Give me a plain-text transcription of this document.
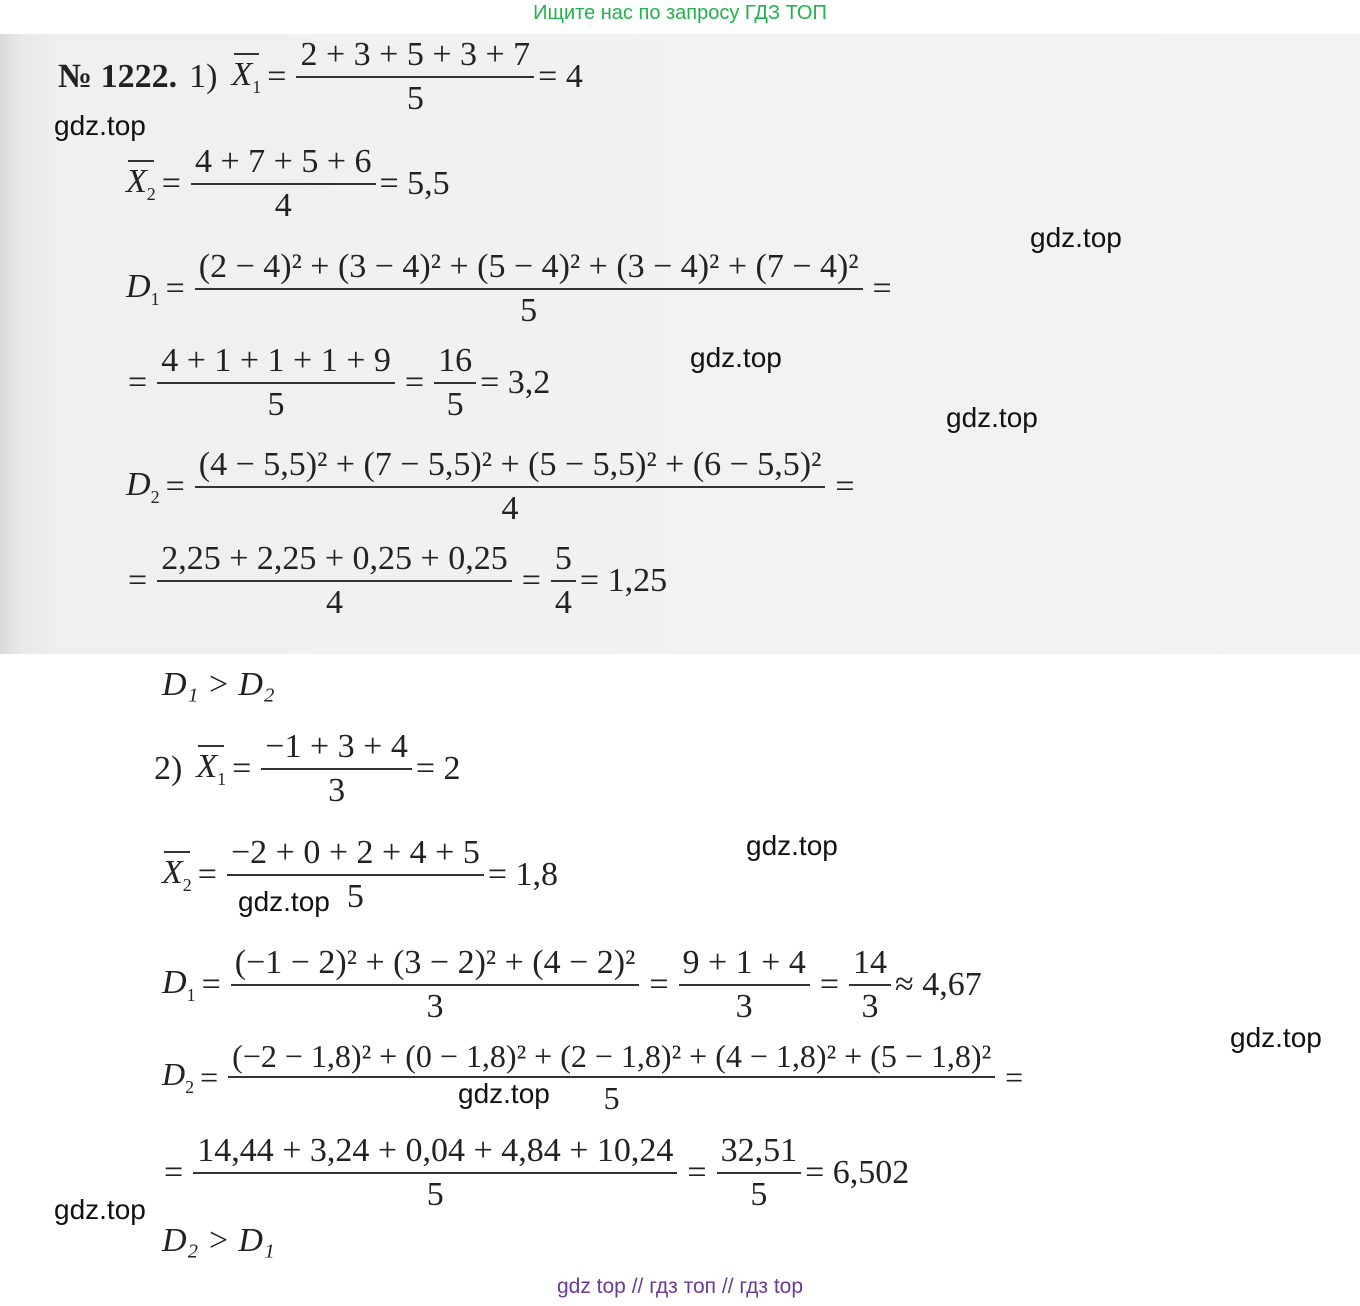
Ищите нас по запросу ГДЗ ТОП
№ 1222. 1) $X_1 = \frac{2 + 3 + 5 + 3 + 7}{5} = 4$
$X_2 = \frac{4 + 7 + 5 + 6}{4} = 5,5$
$D_1 = \frac{\text{(2 − 4)² + (3 − 4)² + (5 − 4)² + (3 − 4)² + (7 − 4)²}}{5}$ =
= $\frac{4 + 1 + 1 + 1 + 9}{5} = \frac{16}{5} = 3,2$
$D_2 = \frac{\text{(4 − 5,5)² + (7 − 5,5)² + (5 − 5,5)² + (6 − 5,5)²}}{4}$ =
= $\frac{2,25 + 2,25 + 0,25 + 0,25}{4} = \frac{5}{4} = 1,25$
D₁ > D₂
2) $X_1 = \frac{-1 + 3 + 4}{3} = 2$
$X_2 = \frac{-2 + 0 + 2 + 4 + 5}{5} = 1,8$
$D_1 = \frac{\text{(−1 − 2)² + (3 − 2)² + (4 − 2)²}}{3} = \frac{9 + 1 + 4}{3} = \frac{14}{3} \approx 4,67$
$D_2$ =
(−2 − 1,8)² + (0 − 1,8)² + (2 − 1,8)² + (4 − 1,8)² + (5 − 1,8)²
5
=
= $\frac{14,44 + 3,24 + 0,04 + 4,84 + 10,24}{5} = \frac{32,51}{5} = 6,502$
D₂ > D₁
gdz.top
gdz.top
gdz.top
gdz.top
gdz.top
gdz.top
gdz.top
gdz.top
gdz.top
gdz top // гдз топ // гдз top
